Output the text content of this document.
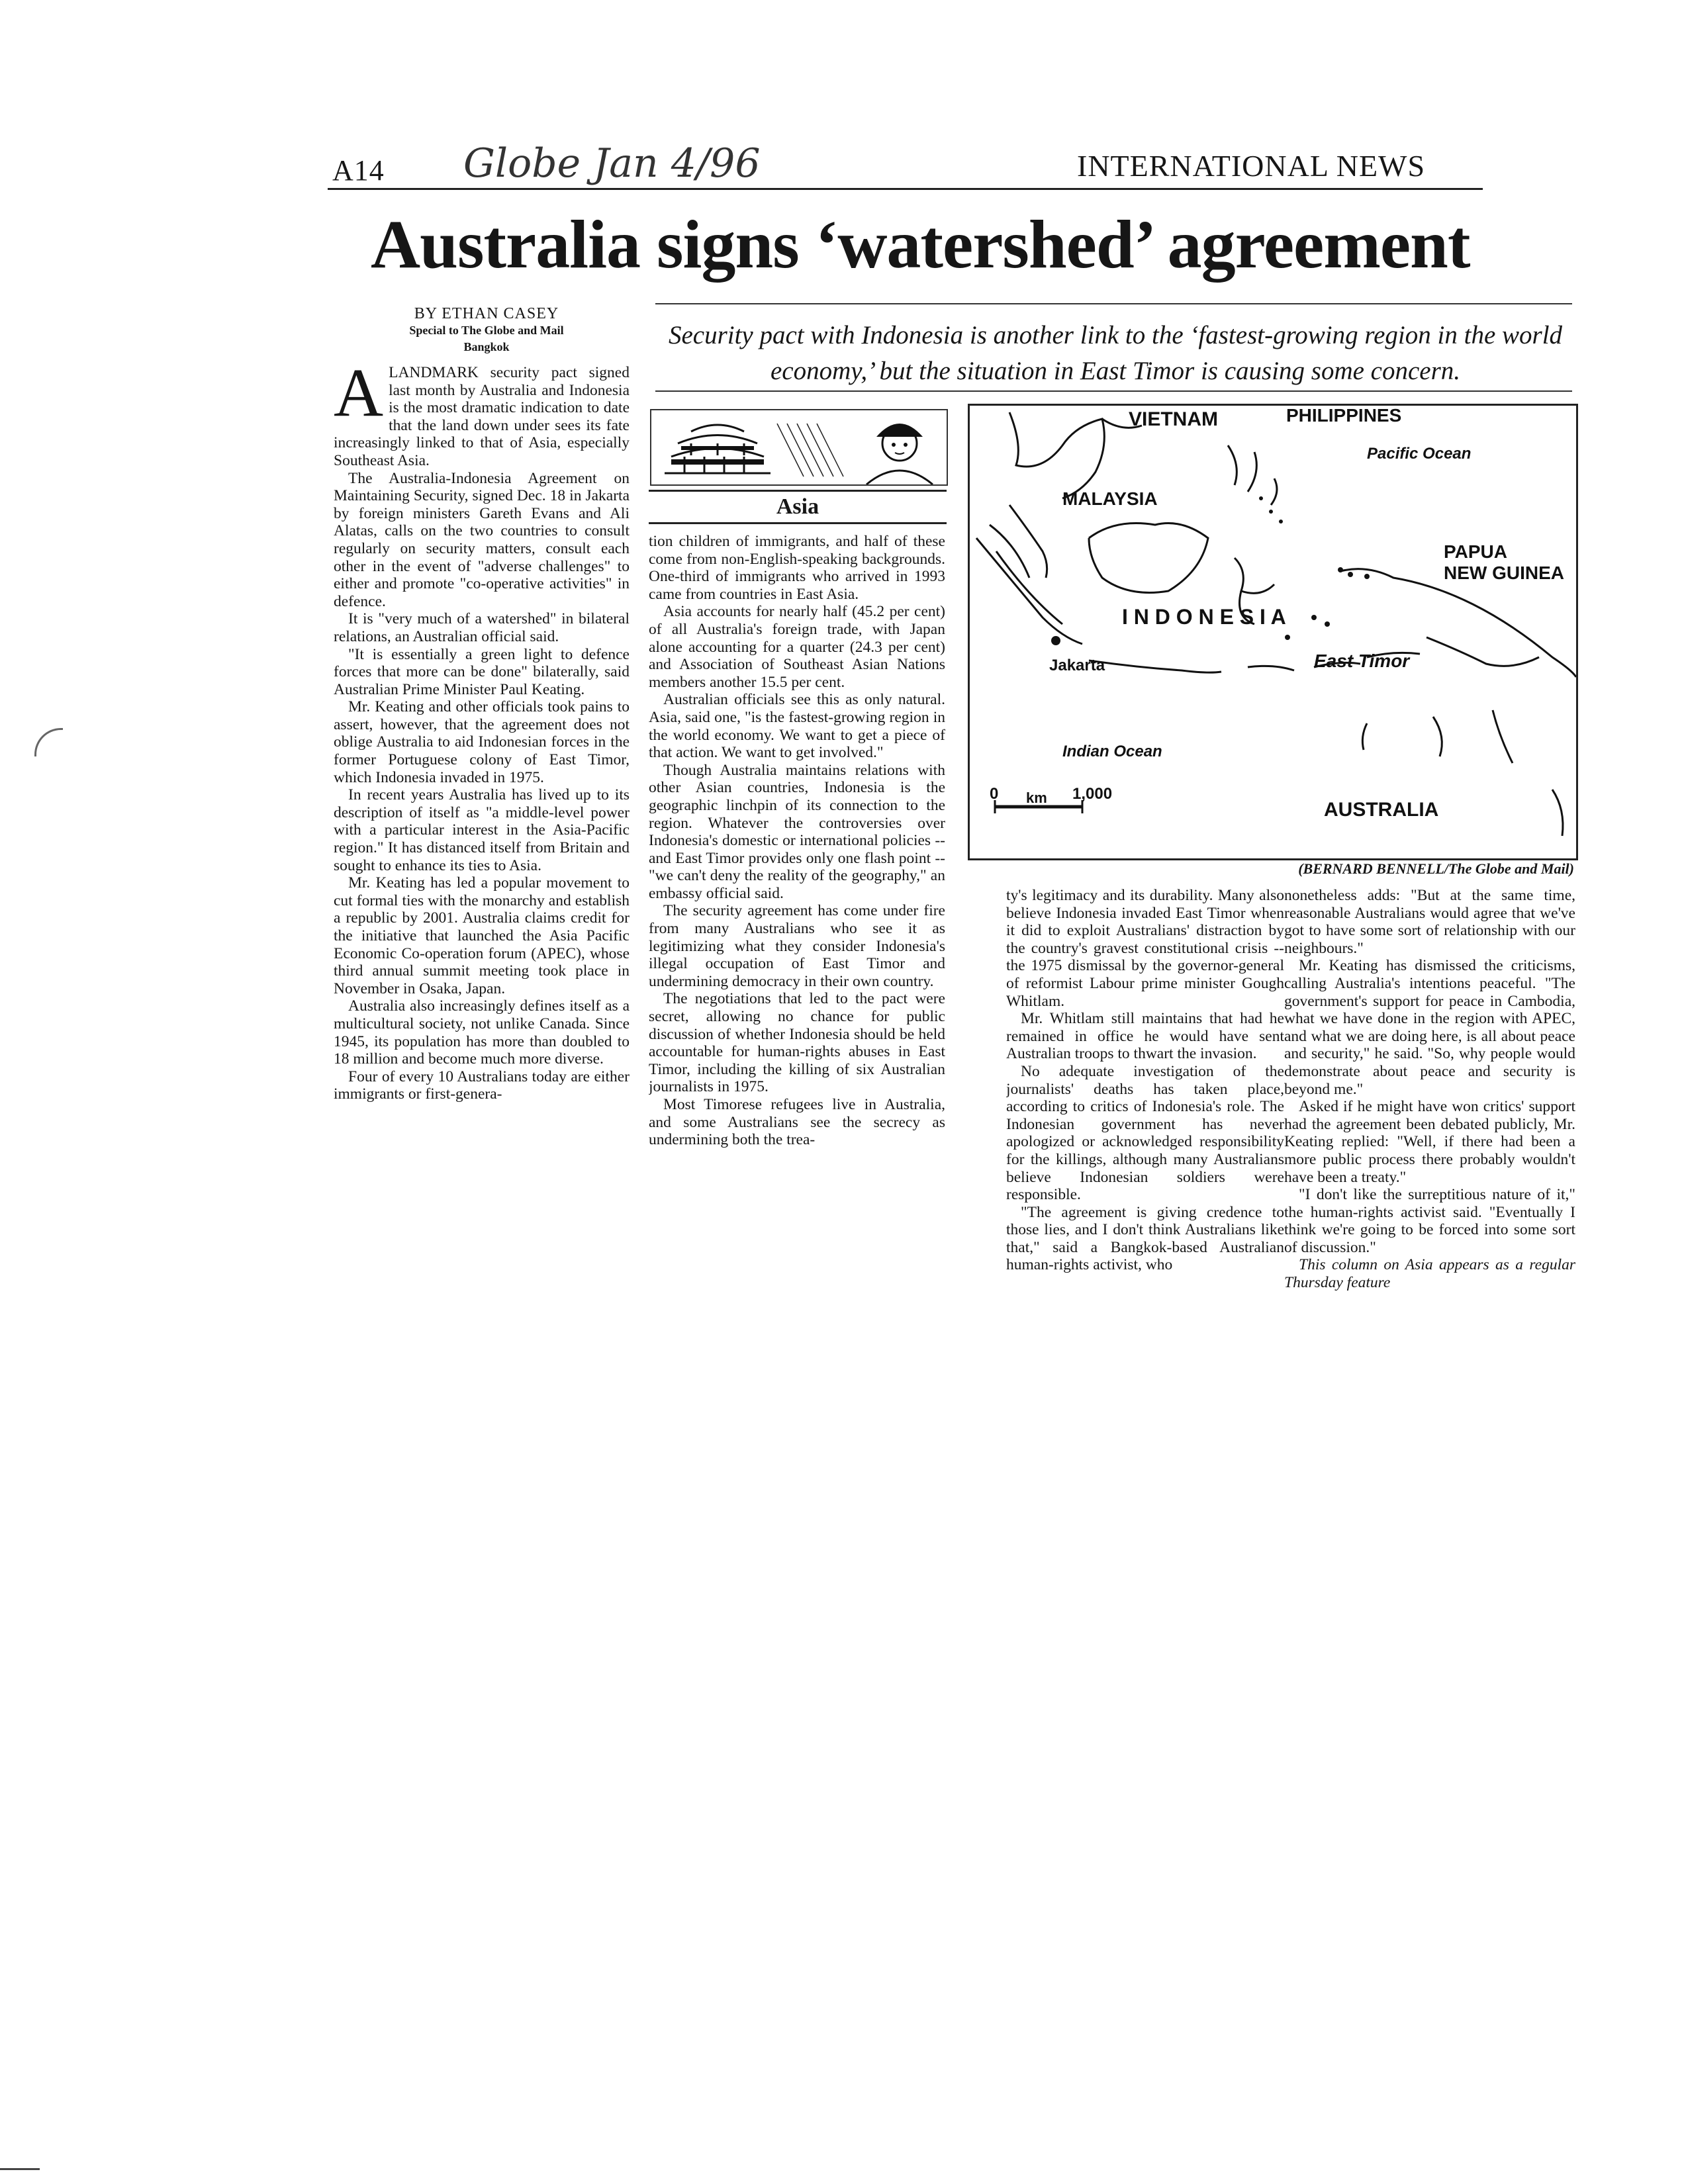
A14 Globe Jan 4/96	INTERNATIONAL NEWS
Australia signs ‘watershed’ agreement
BY ETHAN CASEY
Special to The Globe and Mail
Bangkok	Security pact with Indonesia is another link to the ‘fastest-growing region in the world economy,’ but the situation in East Timor is causing some concern.

ALANDMARK security pact signed last month by Australia and Indonesia is the most dramatic indication to date that the land down under sees its fate increasingly linked to that of Asia, especially Southeast Asia.

The Australia-Indonesia Agreement on Maintaining Security, signed Dec. 18 in Jakarta by foreign ministers Gareth Evans and Ali Alatas, calls on the two countries to consult regularly on security matters, consult each other in the event of "adverse challenges" to either and promote "co-operative activities" in defence.

It is "very much of a watershed" in bilateral relations, an Australian official said.

"It is essentially a green light to defence forces that more can be done" bilaterally, said Australian Prime Minister Paul Keating.

Mr. Keating and other officials took pains to assert, however, that the agreement does not oblige Australia to aid Indonesian forces in the former Portuguese colony of East Timor, which Indonesia invaded in 1975.

In recent years Australia has lived up to its description of itself as "a middle-level power with a particular interest in the Asia-Pacific region." It has distanced itself from Britain and sought to enhance its ties to Asia.

Mr. Keating has led a popular movement to cut formal ties with the monarchy and establish a republic by 2001. Australia claims credit for the initiative that launched the Asia Pacific Economic Co-operation forum (APEC), whose third annual summit meeting took place in November in Osaka, Japan.

Australia also increasingly defines itself as a multicultural society, not unlike Canada. Since 1945, its population has more than doubled to 18 million and become much more diverse.

Four of every 10 Australians today are either immigrants or first-genera-

Asia

tion children of immigrants, and half of these come from non-English-speaking backgrounds. One-third of immigrants who arrived in 1993 came from countries in East Asia.

Asia accounts for nearly half (45.2 per cent) of all Australia's foreign trade, with Japan alone accounting for a quarter (24.3 per cent) and Association of Southeast Asian Nations members another 15.5 per cent.

Australian officials see this as only natural. Asia, said one, "is the fastest-growing region in the world economy. We want to get a piece of that action. We want to get involved."

Though Australia maintains relations with other Asian countries, Indonesia is the geographic linchpin of its connection to the region. Whatever the controversies over Indonesia's domestic or international policies -- and East Timor provides only one flash point -- "we can't deny the reality of the geography," an embassy official said.

The security agreement has come under fire from many Australians who see it as legitimizing what they consider Indonesia's illegal occupation of East Timor and undermining democracy in their own country.

The negotiations that led to the pact were secret, allowing no chance for public discussion of whether Indonesia should be held accountable for human-rights abuses in East Timor, including the killing of six Australian journalists in 1975.

Most Timorese refugees live in Australia, and some Australians see the secrecy as undermining both the trea-

VIETNAM	PHILIPPINES
Pacific Ocean
MALAYSIA
PAPUA
NEW GUINEA
I N D O N E S I A
Jakarta	East Timor
Indian Ocean
AUSTRALIA
0 km 1,000
(BERNARD BENNELL/The Globe and Mail)

ty's legitimacy and its durability. Many also believe Indonesia invaded East Timor when it did to exploit Australians' distraction by the country's gravest constitutional crisis -- the 1975 dismissal by the governor-general of reformist Labour prime minister Gough Whitlam.

Mr. Whitlam still maintains that had he remained in office he would have sent Australian troops to thwart the invasion.

No adequate investigation of the journalists' deaths has taken place, according to critics of Indonesia's role. The Indonesian government has never apologized or acknowledged responsibility for the killings, although many Australians believe Indonesian soldiers were responsible.

"The agreement is giving credence to those lies, and I don't think Australians like that," said a Bangkok-based Australian human-rights activist, who

nonetheless adds: "But at the same time, reasonable Australians would agree that we've got to have some sort of relationship with our neighbours."

Mr. Keating has dismissed the criticisms, calling Australia's intentions peaceful. "The government's support for peace in Cambodia, what we have done in the region with APEC, and what we are doing here, is all about peace and security," he said. "So, why people would demonstrate about peace and security is beyond me."

Asked if he might have won critics' support had the agreement been debated publicly, Mr. Keating replied: "Well, if there had been a more public process there probably wouldn't have been a treaty."

"I don't like the surreptitious nature of it," the human-rights activist said. "Eventually I think we're going to be forced into some sort of discussion."

This column on Asia appears as a regular Thursday feature
